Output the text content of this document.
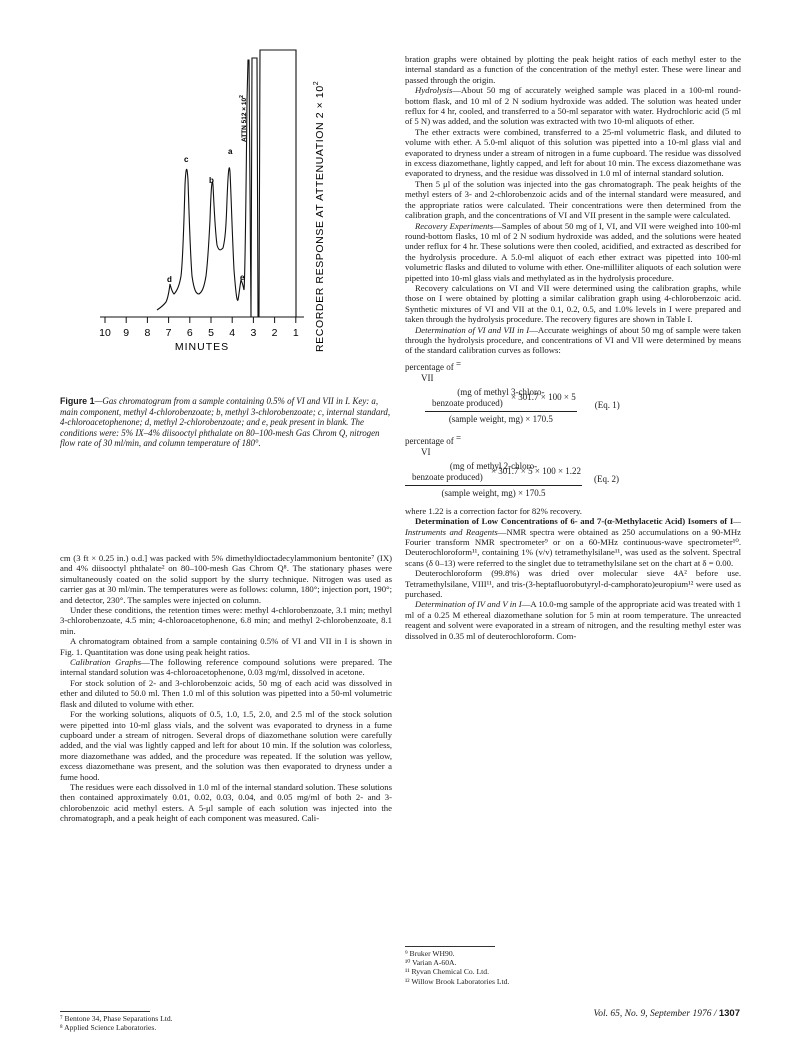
d
c
b
a
e
ATTN $512 \times 10^2$	RECORDER RESPONSE AT ATTENUATION $2 \times 10^2$
10 9 8 7 6 5 4 3 2 1
MINUTES
Figure 1—Gas chromatogram from a sample containing 0.5% of VI and VII in I. Key: a, main component, methyl 4-chlorobenzoate; b, methyl 3-chlorobenzoate; c, internal standard, 4-chloroacetophenone; d, methyl 2-chlorobenzoate; and e, peak present in blank. The conditions were: 5% IX–4% diisooctyl phthalate on 80–100-mesh Gas Chrom Q, nitrogen flow rate of 30 ml/min, and column temperature of 180°.

cm (3 ft × 0.25 in.) o.d.] was packed with 5% dimethyldioctadecylammonium bentonite⁷ (IX) and 4% diisooctyl phthalate² on 80–100-mesh Gas Chrom Q⁸. The stationary phases were simultaneously coated on the solid support by the slurry technique. Nitrogen was used as carrier gas at 30 ml/min. The temperatures were as follows: column, 180°; injection port, 190°; and detector, 230°. The samples were injected on column.

Under these conditions, the retention times were: methyl 4-chlorobenzoate, 3.1 min; methyl 3-chlorobenzoate, 4.5 min; 4-chloroacetophenone, 6.8 min; and methyl 2-chlorobenzoate, 8.1 min.

A chromatogram obtained from a sample containing 0.5% of VI and VII in I is shown in Fig. 1. Quantitation was done using peak height ratios.

Calibration Graphs—The following reference compound solutions were prepared. The internal standard solution was 4-chloroacetophenone, 0.03 mg/ml, dissolved in acetone.

For stock solution of 2- and 3-chlorobenzoic acids, 50 mg of each acid was dissolved in ether and diluted to 50.0 ml. Then 1.0 ml of this solution was pipetted into a 50-ml volumetric flask and diluted to volume with ether.

For the working solutions, aliquots of 0.5, 1.0, 1.5, 2.0, and 2.5 ml of the stock solution were pipetted into 10-ml glass vials, and the solvent was evaporated to dryness in a fume cupboard under a stream of nitrogen. Several drops of diazomethane solution were carefully added, and the vial was lightly capped and left for about 10 min. If the solution was colorless, more diazomethane was added, and the procedure was repeated. If the solution was yellow, excess diazomethane was present, and the solution was then evaporated to dryness under a fume hood.

The residues were each dissolved in 1.0 ml of the internal standard solution. These solutions then contained approximately 0.01, 0.02, 0.03, 0.04, and 0.05 mg/ml of both 2- and 3-chlorobenzoic acid methyl esters. A 5-μl sample of each solution was injected into the chromatograph, and a peak height of each component was measured. Cali-

⁷ Bentone 34, Phase Separations Ltd.
⁸ Applied Science Laboratories.

bration graphs were obtained by plotting the peak height ratios of each methyl ester to the internal standard as a function of the concentration of the methyl ester. These were linear and passed through the origin.

Hydrolysis—About 50 mg of accurately weighed sample was placed in a 100-ml round-bottom flask, and 10 ml of 2 N sodium hydroxide was added. The solution was heated under reflux for 4 hr, cooled, and transferred to a 50-ml separator with water. Hydrochloric acid (5 ml of 5 N) was added, and the solution was extracted with two 10-ml aliquots of ether.

The ether extracts were combined, transferred to a 25-ml volumetric flask, and diluted to volume with ether. A 5.0-ml aliquot of this solution was pipetted into a 10-ml glass vial and evaporated to dryness under a stream of nitrogen in a fume cupboard. The residue was dissolved in excess diazomethane, lightly capped, and left for about 10 min. The excess diazomethane was evaporated to dryness, and the residue was dissolved in 1.0 ml of internal standard solution.

Then 5 μl of the solution was injected into the gas chromatograph. The peak heights of the methyl esters of 3- and 2-chlorobenzoic acids and of the internal standard were measured, and the appropriate ratios were calculated. Their concentrations were then determined from the calibration graph, and the concentrations of VI and VII present in the sample were calculated.

Recovery Experiments—Samples of about 50 mg of I, VI, and VII were weighed into 100-ml round-bottom flasks, 10 ml of 2 N sodium hydroxide was added, and the solutions were heated under reflux for 4 hr. These solutions were then cooled, acidified, and extracted as described for the hydrolysis procedure. A 5.0-ml aliquot of each ether extract was pipetted into 100-ml volumetric flasks and diluted to volume with ether. One-milliliter aliquots of each solution were pipetted into 10-ml glass vials and methylated as in the hydrolysis procedure.

Recovery calculations on VI and VII were determined using the calibration graphs, while those on I were obtained by plotting a similar calibration graph using 4-chlorobenzoic acid. Synthetic mixtures of VI and VII at the 0.1, 0.2, 0.5, and 1.0% levels in I were prepared and taken through the hydrolysis procedure. The recovery figures are shown in Table I.

Determination of VI and VII in I—Accurate weighings of about 50 mg of sample were taken through the hydrolysis procedure, and concentrations of VI and VII were determined by means of the standard calibration curves as follows:

percentage of =
VII
(mg of methyl 3-chloro-
benzoate produced) × 301.7 × 100 × 5	(Eq. 1)
(sample weight, mg) × 170.5
percentage of =
VI
(mg of methyl 2-chloro-
benzoate produced) × 301.7 × 5 × 100 × 1.22	(Eq. 2)
(sample weight, mg) × 170.5

where 1.22 is a correction factor for 82% recovery.

Determination of Low Concentrations of 6- and 7-(α-Methylacetic Acid) Isomers of I—Instruments and Reagents—NMR spectra were obtained as 250 accumulations on a 90-MHz Fourier transform NMR spectrometer⁹ or on a 60-MHz continuous-wave spectrometer¹⁰. Deuterochloroform¹¹, containing 1% (v/v) tetramethylsilane¹¹, was used as the solvent. Spectral scans (δ 0–13) were referred to the singlet due to tetramethylsilane set on the chart at δ = 0.00.

Deuterochloroform (99.8%) was dried over molecular sieve 4A² before use. Tetramethylsilane, VIII¹¹, and tris-(3-heptafluorobutyryl-d-camphorato)europium¹² were used as purchased.

Determination of IV and V in I—A 10.0-mg sample of the appropriate acid was treated with 1 ml of a 0.25 M ethereal diazomethane solution for 5 min at room temperature. The unreacted reagent and solvent were evaporated in a stream of nitrogen, and the resulting methyl ester was dissolved in 0.35 ml of deuterochloroform. Com-

⁹ Bruker WH90.
¹⁰ Varian A-60A.
¹¹ Ryvan Chemical Co. Ltd.
¹² Willow Brook Laboratories Ltd.
Vol. 65, No. 9, September 1976 / 1307
